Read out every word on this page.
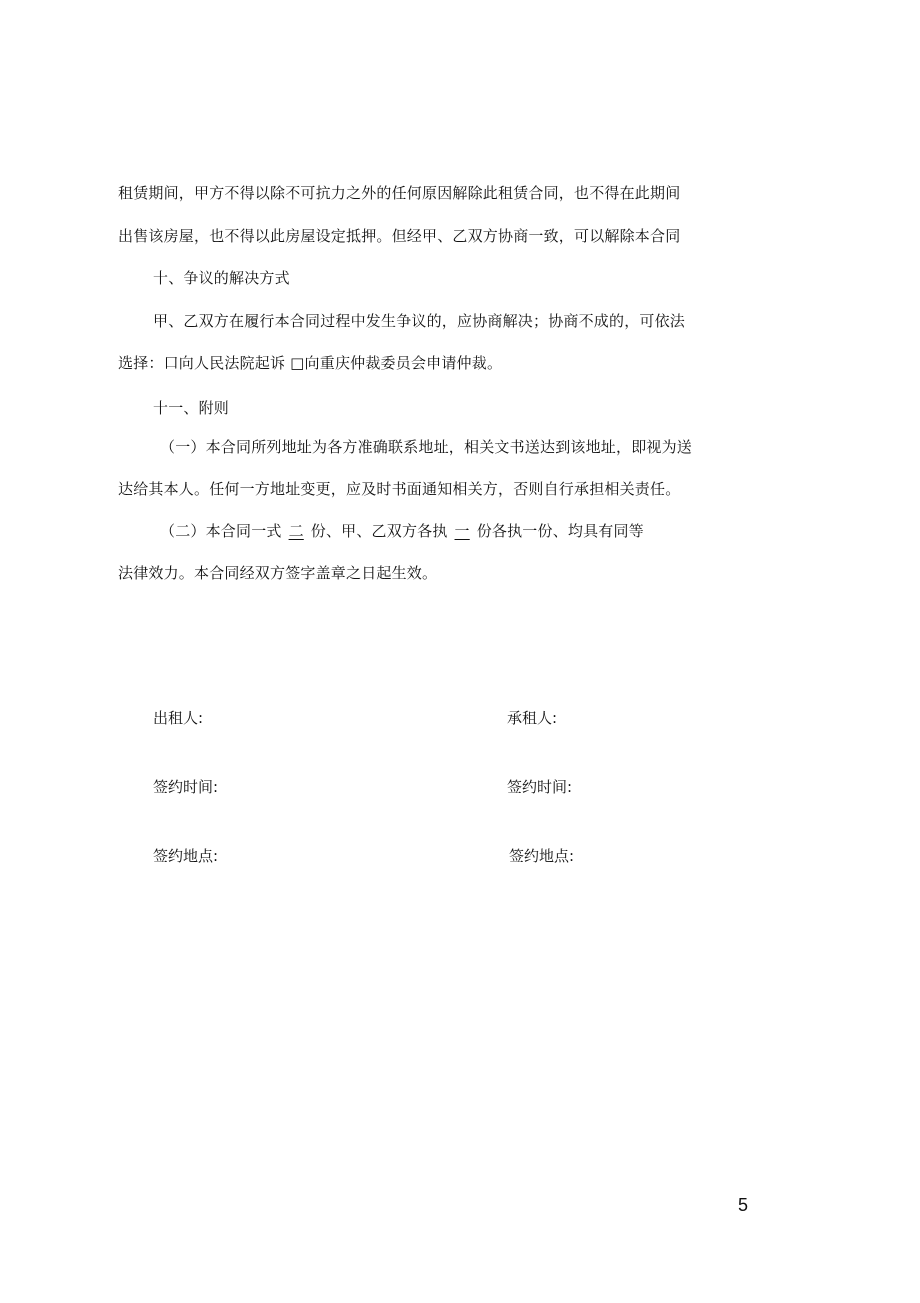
租赁期间，甲方不得以除不可抗力之外的任何原因解除此租赁合同，也不得在此期间
出售该房屋，也不得以此房屋设定抵押。但经甲、乙双方协商一致，可以解除本合同
十、争议的解决方式
甲、乙双方在履行本合同过程中发生争议的，应协商解决；协商不成的，可依法
选择：口向人民法院起诉 □向重庆仲裁委员会申请仲裁。
十一、附则
（一）本合同所列地址为各方准确联系地址，相关文书送达到该地址，即视为送
达给其本人。任何一方地址变更，应及时书面通知相关方，否则自行承担相关责任。
（二）本合同一式 二 份、甲、乙双方各执 一 份各执一份、均具有同等
法律效力。本合同经双方签字盖章之日起生效。
出租人:	承租人:
签约时间:	签约时间:
签约地点:	签约地点:
5
